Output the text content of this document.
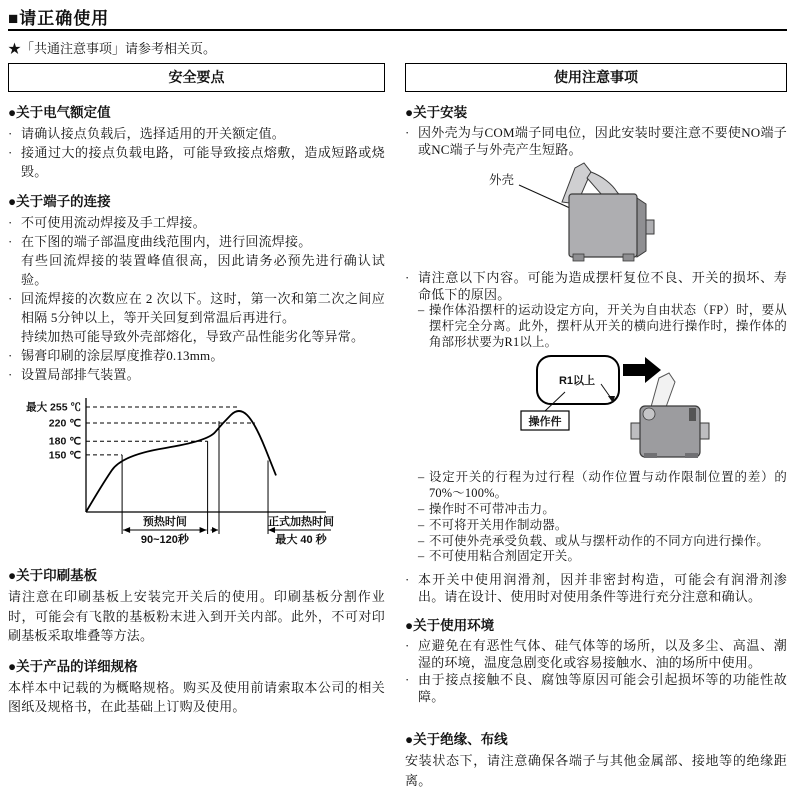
■请正确使用
★「共通注意事项」请参考相关页。
安全要点
●关于电气额定值
· 请确认接点负载后，选择适用的开关额定值。
· 接通过大的接点负载电路，可能导致接点熔敷，造成短路或烧毁。
●关于端子的连接
· 不可使用流动焊接及手工焊接。
· 在下图的端子部温度曲线范围内，进行回流焊接。
有些回流焊接的装置峰值很高，因此请务必预先进行确认试验。
· 回流焊接的次数应在 2 次以下。这时，第一次和第二次之间应相隔 5分钟以上，等开关回复到常温后再进行。
持续加热可能导致外壳部熔化，导致产品性能劣化等异常。
· 锡膏印刷的涂层厚度推荐0.13mm。
· 设置局部排气装置。
最大 255 ℃
220 ℃
180 ℃
150 ℃
预热时间
90~120秒
正式加热时间
最大 40 秒
●关于印刷基板
请注意在印刷基板上安装完开关后的使用。印刷基板分割作业时，可能会有飞散的基板粉末进入到开关内部。此外，不可对印刷基板采取堆叠等方法。
●关于产品的详细规格
本样本中记载的为概略规格。购买及使用前请索取本公司的相关图纸及规格书，在此基础上订购及使用。
使用注意事项
●关于安装
· 因外壳为与COM端子同电位，因此安装时要注意不要使NO端子或NC端子与外壳产生短路。
外壳
· 请注意以下内容。可能为造成摆杆复位不良、开关的损坏、寿命低下的原因。
– 操作体沿摆杆的运动设定方向，开关为自由状态（FP）时，要从摆杆完全分离。此外，摆杆从开关的横向进行操作时，操作体的角部形状要为R1以上。
R1以上
操作件
– 设定开关的行程为过行程（动作位置与动作限制位置的差）的70%～100%。
– 操作时不可带冲击力。
– 不可将开关用作制动器。
– 不可使外壳承受负载、或从与摆杆动作的不同方向进行操作。
– 不可使用粘合剂固定开关。
· 本开关中使用润滑剂，因并非密封构造，可能会有润滑剂渗出。请在设计、使用时对使用条件等进行充分注意和确认。
●关于使用环境
· 应避免在有恶性气体、硅气体等的场所，以及多尘、高温、潮湿的环境，温度急剧变化或容易接触水、油的场所中使用。
· 由于接点接触不良、腐蚀等原因可能会引起损坏等的功能性故障。
●关于绝缘、布线
安装状态下，请注意确保各端子与其他金属部、接地等的绝缘距离。
